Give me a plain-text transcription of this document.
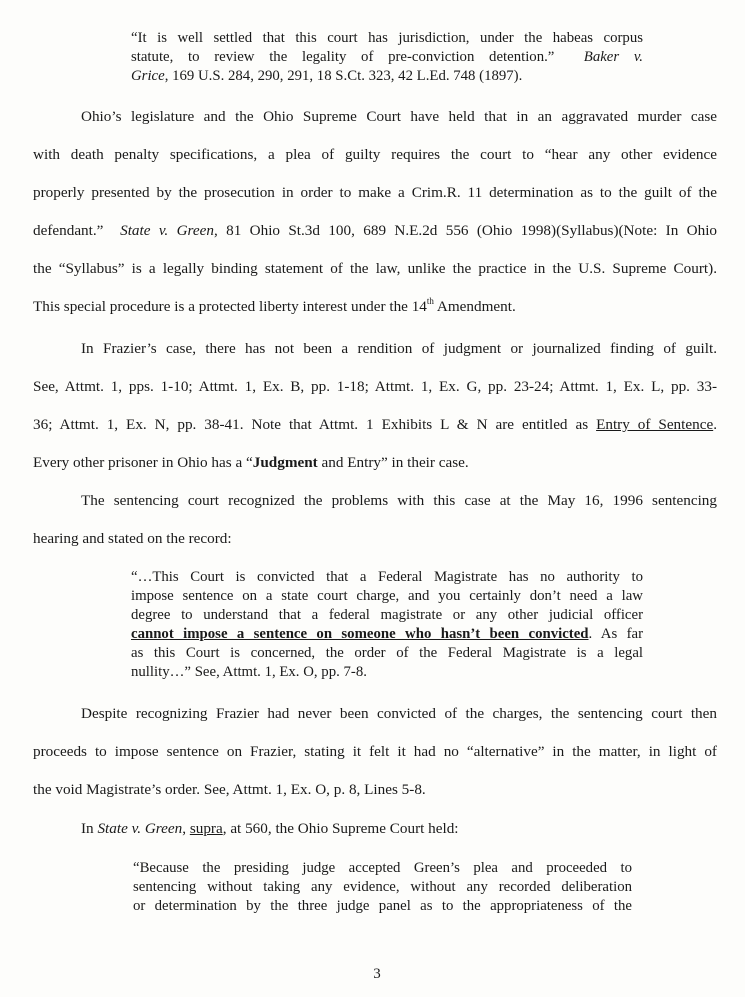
“It is well settled that this court has jurisdiction, under the habeas corpus
statute, to review the legality of pre-conviction detention.” Baker v.
Grice, 169 U.S. 284, 290, 291, 18 S.Ct. 323, 42 L.Ed. 748 (1897).
Ohio’s legislature and the Ohio Supreme Court have held that in an aggravated murder case
with death penalty specifications, a plea of guilty requires the court to “hear any other evidence
properly presented by the prosecution in order to make a Crim.R. 11 determination as to the guilt of the
defendant.” State v. Green, 81 Ohio St.3d 100, 689 N.E.2d 556 (Ohio 1998)(Syllabus)(Note: In Ohio
the “Syllabus” is a legally binding statement of the law, unlike the practice in the U.S. Supreme Court).
This special procedure is a protected liberty interest under the 14th Amendment.
In Frazier’s case, there has not been a rendition of judgment or journalized finding of guilt.
See, Attmt. 1, pps. 1-10; Attmt. 1, Ex. B, pp. 1-18; Attmt. 1, Ex. G, pp. 23-24; Attmt. 1, Ex. L, pp. 33-
36; Attmt. 1, Ex. N, pp. 38-41. Note that Attmt. 1 Exhibits L & N are entitled as Entry of Sentence.
Every other prisoner in Ohio has a “Judgment and Entry” in their case.
The sentencing court recognized the problems with this case at the May 16, 1996 sentencing
hearing and stated on the record:
“…This Court is convicted that a Federal Magistrate has no authority to
impose sentence on a state court charge, and you certainly don’t need a law
degree to understand that a federal magistrate or any other judicial officer
cannot impose a sentence on someone who hasn’t been convicted. As far
as this Court is concerned, the order of the Federal Magistrate is a legal
nullity…” See, Attmt. 1, Ex. O, pp. 7-8.
Despite recognizing Frazier had never been convicted of the charges, the sentencing court then
proceeds to impose sentence on Frazier, stating it felt it had no “alternative” in the matter, in light of
the void Magistrate’s order. See, Attmt. 1, Ex. O, p. 8, Lines 5-8.
In State v. Green, supra, at 560, the Ohio Supreme Court held:
“Because the presiding judge accepted Green’s plea and proceeded to
sentencing without taking any evidence, without any recorded deliberation
or determination by the three judge panel as to the appropriateness of the
3
